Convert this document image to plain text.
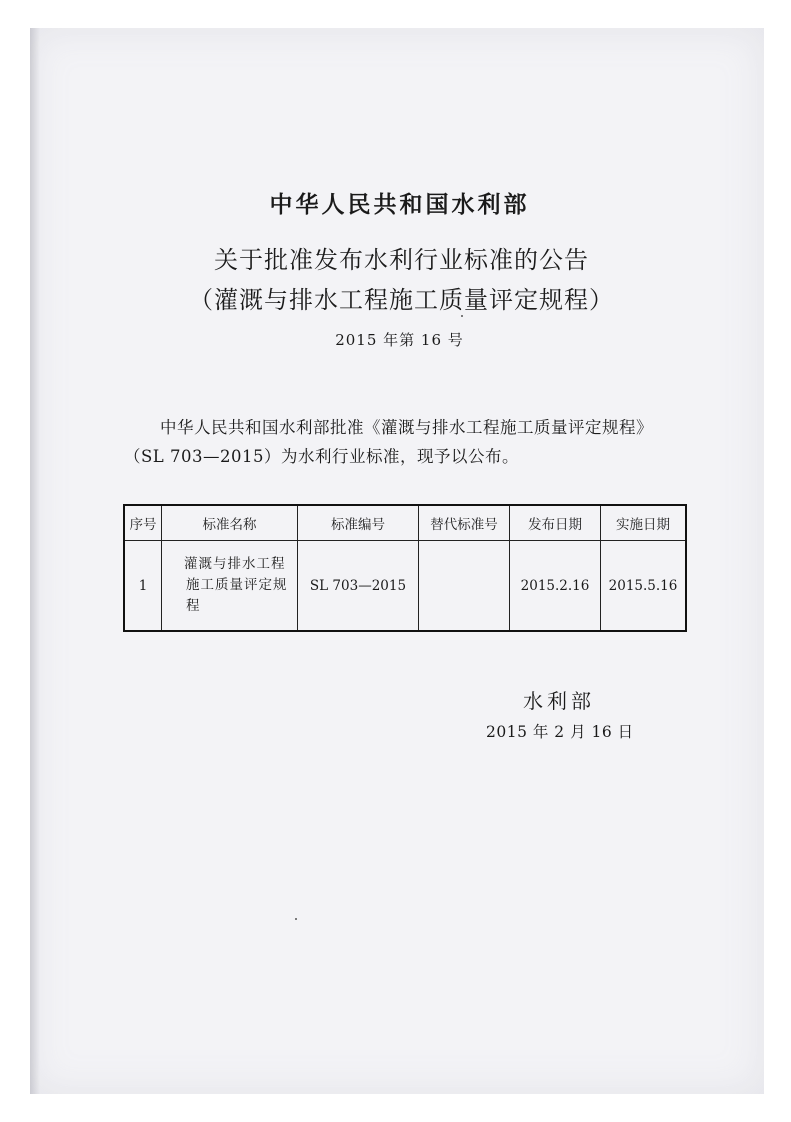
中华人民共和国水利部
关于批准发布水利行业标准的公告
（灌溉与排水工程施工质量评定规程）
2015 年第 16 号
中华人民共和国水利部批准《灌溉与排水工程施工质量评定规程》（SL 703—2015）为水利行业标准，现予以公布。
序号	标准名称	标准编号	替代标准号	发布日期	实施日期
1	灌溉与排水工程施工质量评定规程	SL 703—2015		2015.2.16	2015.5.16
水利部
2015 年 2 月 16 日
